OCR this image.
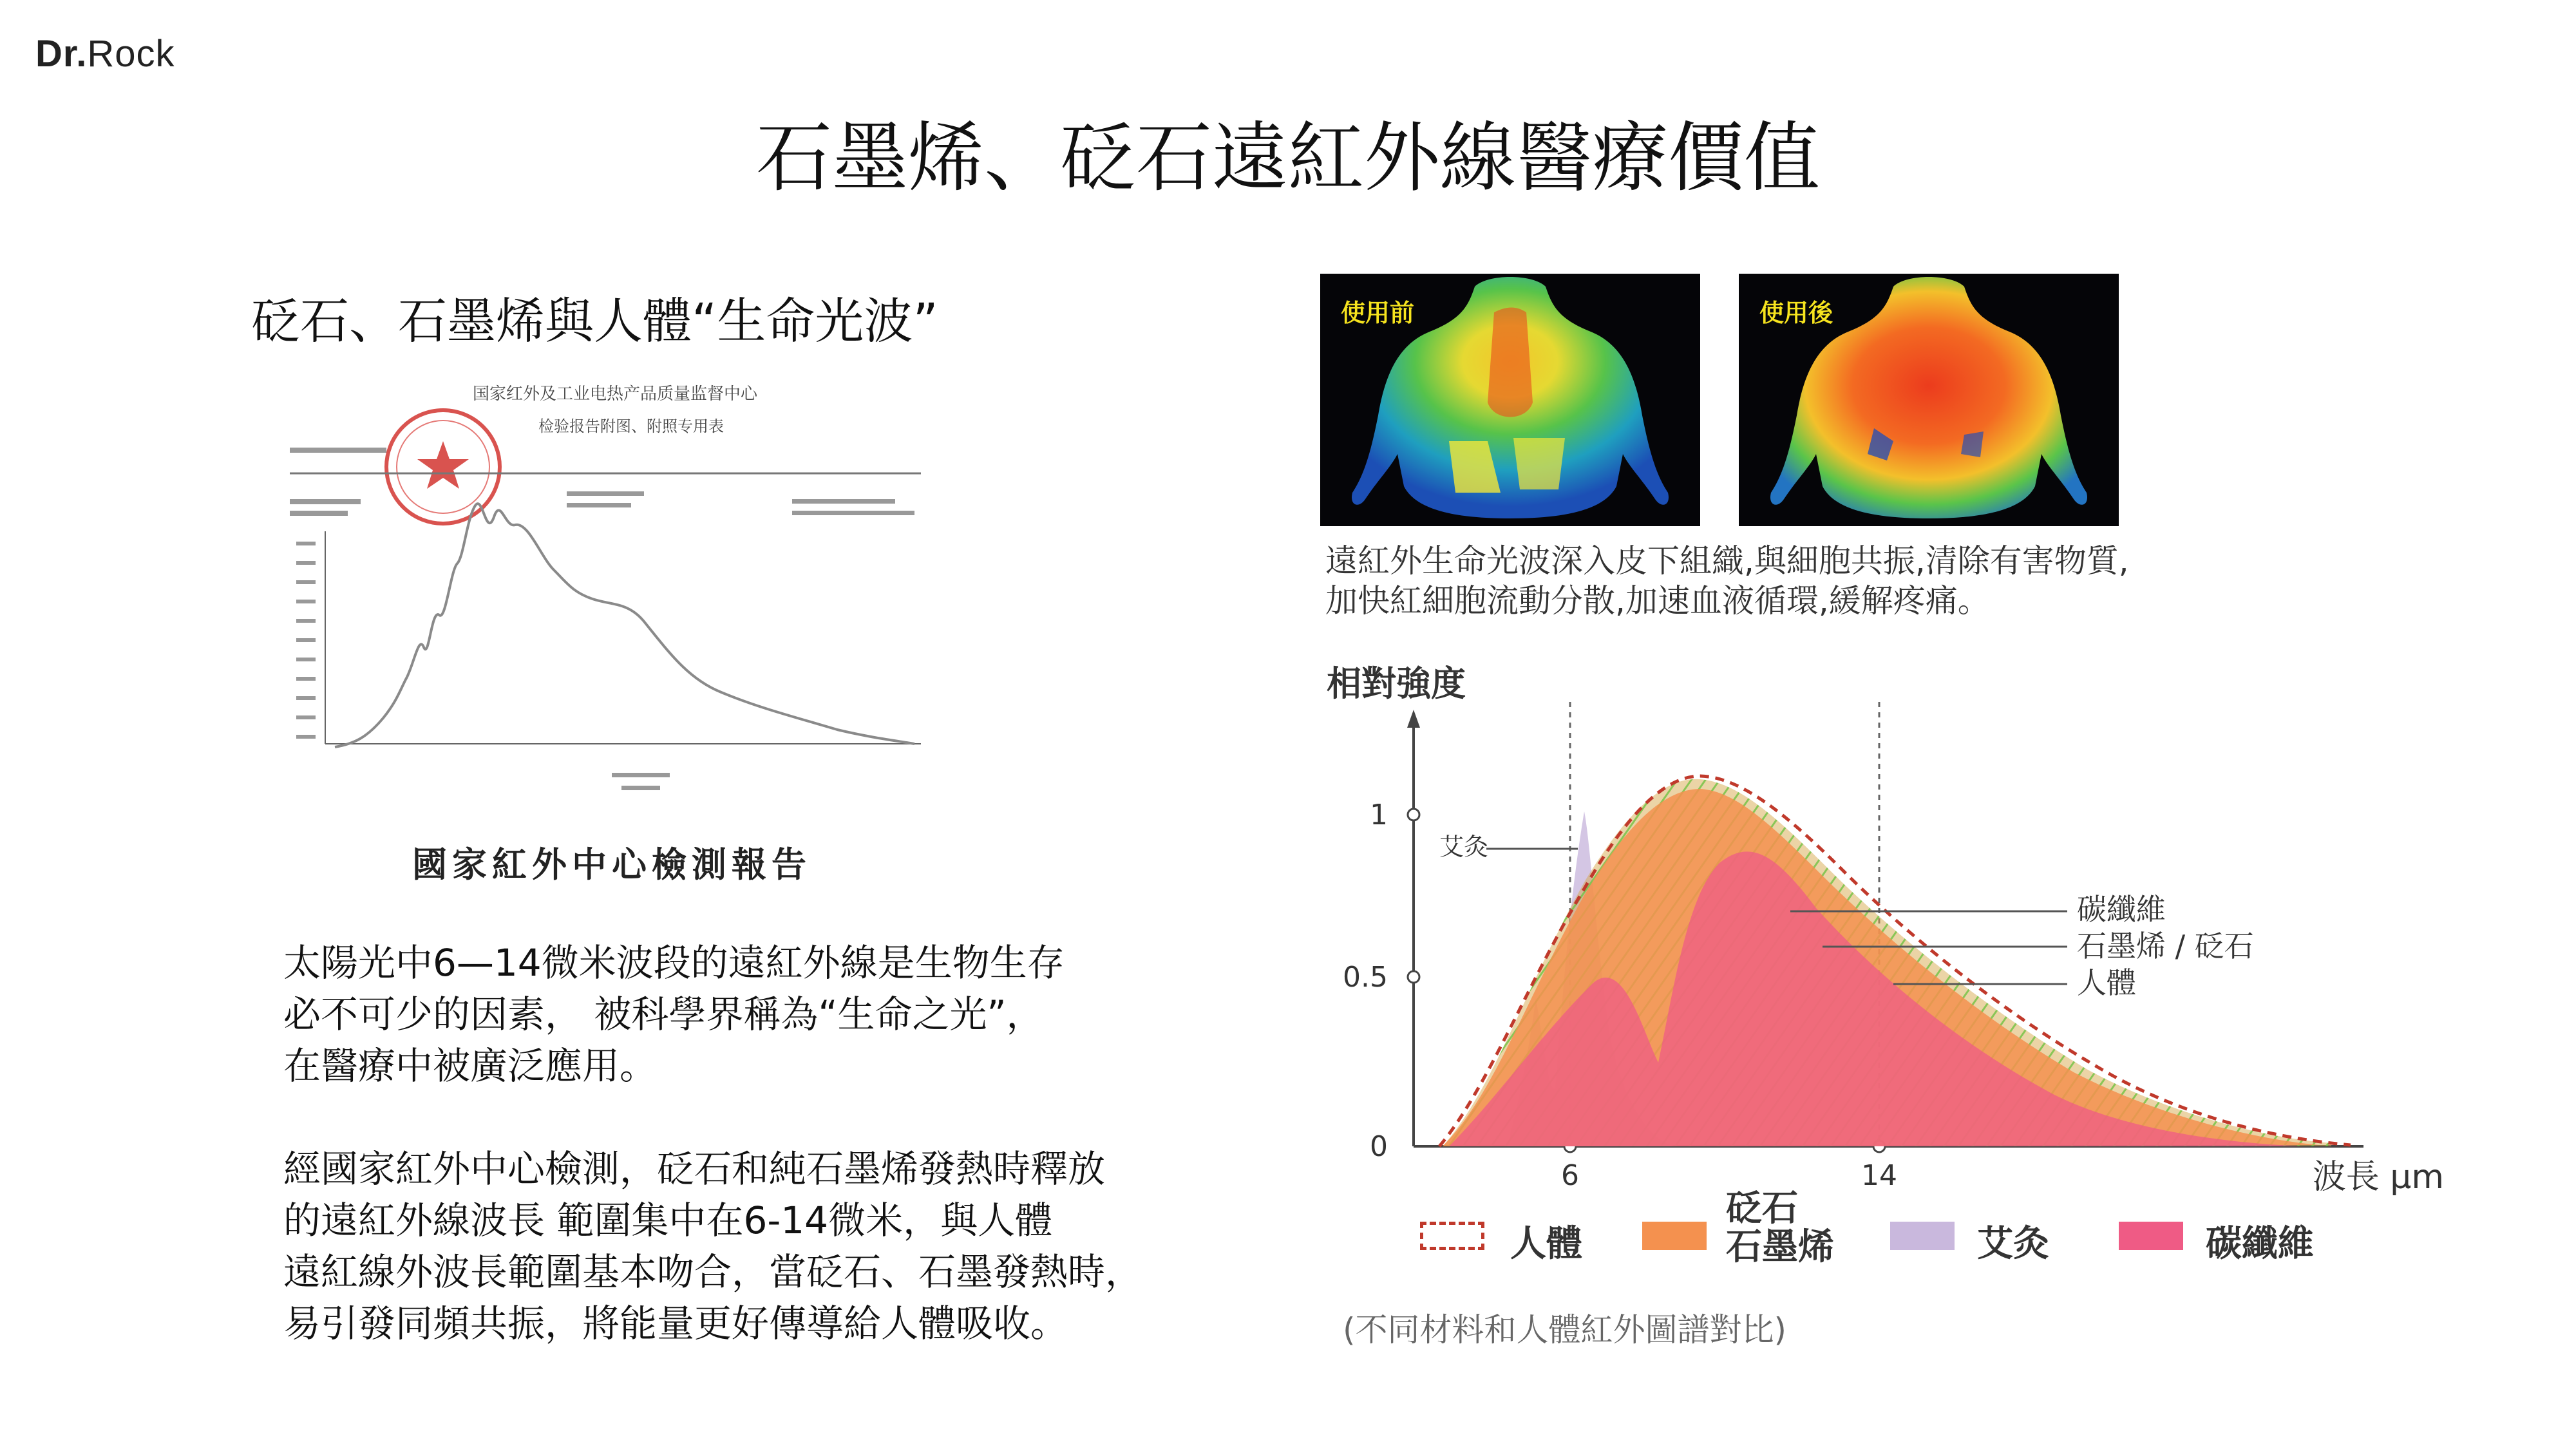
Dr.Rock
石墨烯、砭石遠紅外線醫療價值
砭石、石墨烯與人體“生命光波”
国家红外及工业电热产品质量监督中心
检验报告附图、附照专用表
國家紅外中心檢測報告
太陽光中6—14微米波段的遠紅外線是生物生存
必不可少的因素， 被科學界稱為“生命之光”，
在醫療中被廣泛應用。
經國家紅外中心檢測，砭石和純石墨烯發熱時釋放
的遠紅外線波長 範圍集中在6-14微米，與人體
遠紅線外波長範圍基本吻合，當砭石、石墨發熱時，
易引發同頻共振，將能量更好傳導給人體吸收。
使用前	使用後
遠紅外生命光波深入皮下組織,與細胞共振,清除有害物質,
加快紅細胞流動分散,加速血液循環,緩解疼痛。
相對強度
1
0.5
0
6	14	波長 μm
艾灸
碳纖維
石墨烯 / 砭石
人體
人體
砭石
石墨烯	艾灸	碳纖維
(不同材料和人體紅外圖譜對比)
